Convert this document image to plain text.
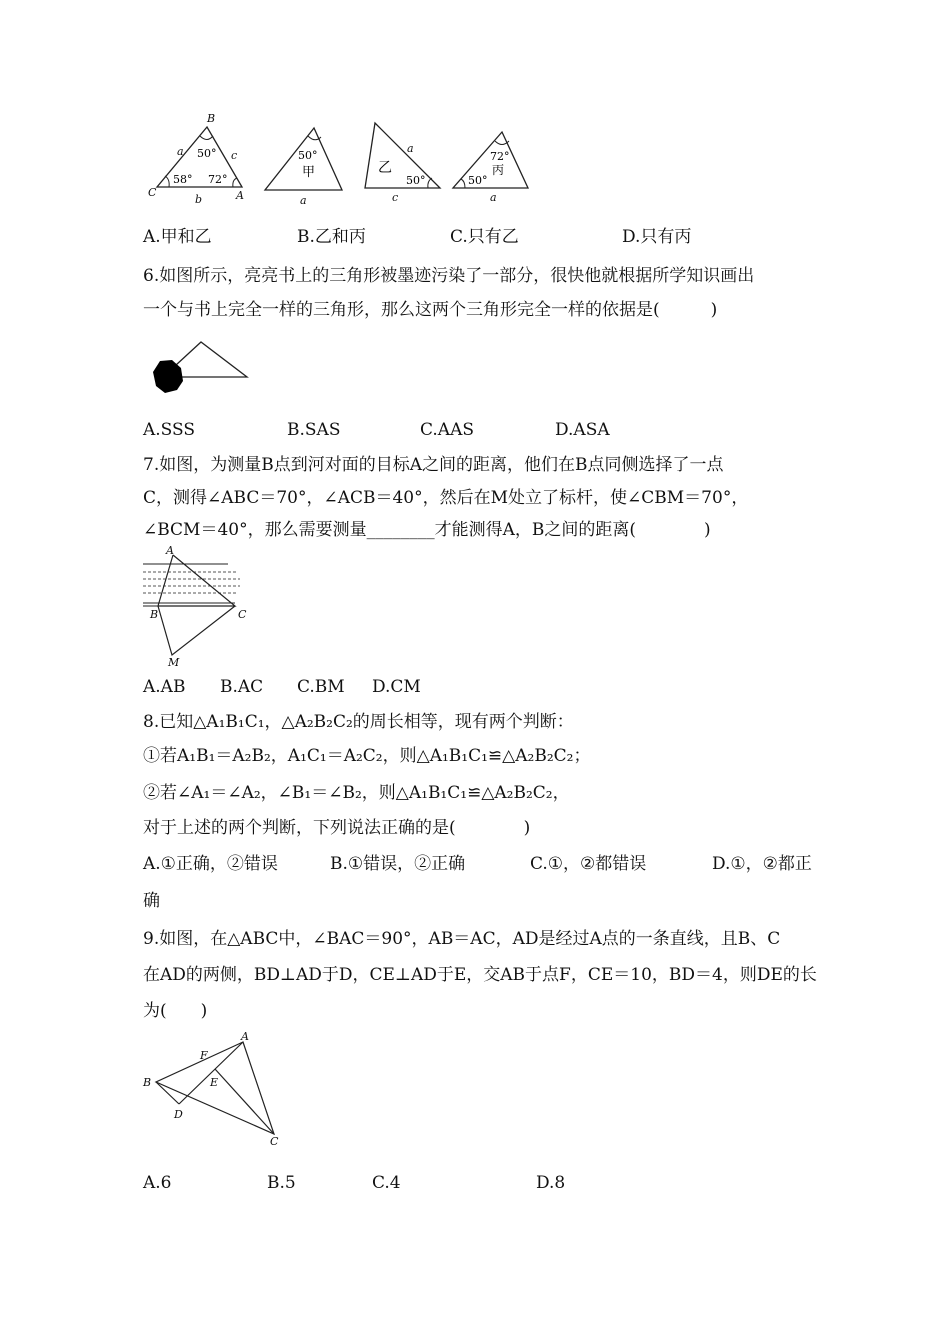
B
C	A
a	c
b
50°
58° 72°
50°
甲
a
乙
a
50°
c
72°
丙
50°
a
A.甲和乙	B.乙和丙	C.只有乙	D.只有丙
6.如图所示，亮亮书上的三角形被墨迹污染了一部分，很快他就根据所学知识画出
一个与书上完全一样的三角形，那么这两个三角形完全一样的依据是(　　　)
A.SSS	B.SAS	C.AAS	D.ASA
7.如图，为测量B点到河对面的目标A之间的距离，他们在B点同侧选择了一点
C，测得∠ABC＝70°，∠ACB＝40°，然后在M处立了标杆，使∠CBM＝70°，
∠BCM＝40°，那么需要测量________才能测得A，B之间的距离(　　　　)
A
B	C
M
A.AB B.AC C.BM D.CM
8.已知△A₁B₁C₁，△A₂B₂C₂的周长相等，现有两个判断：
①若A₁B₁＝A₂B₂，A₁C₁＝A₂C₂，则△A₁B₁C₁≌△A₂B₂C₂；
②若∠A₁＝∠A₂，∠B₁＝∠B₂，则△A₁B₁C₁≌△A₂B₂C₂，
对于上述的两个判断，下列说法正确的是(　　　　)
A.①正确，②错误	B.①错误，②正确	C.①，②都错误	D.①，②都正
确
9.如图，在△ABC中，∠BAC＝90°，AB＝AC，AD是经过A点的一条直线，且B、C
在AD的两侧，BD⊥AD于D，CE⊥AD于E，交AB于点F，CE＝10，BD＝4，则DE的长
为(　　)
A
B
C
D
E
F
A.6	B.5	C.4	D.8
